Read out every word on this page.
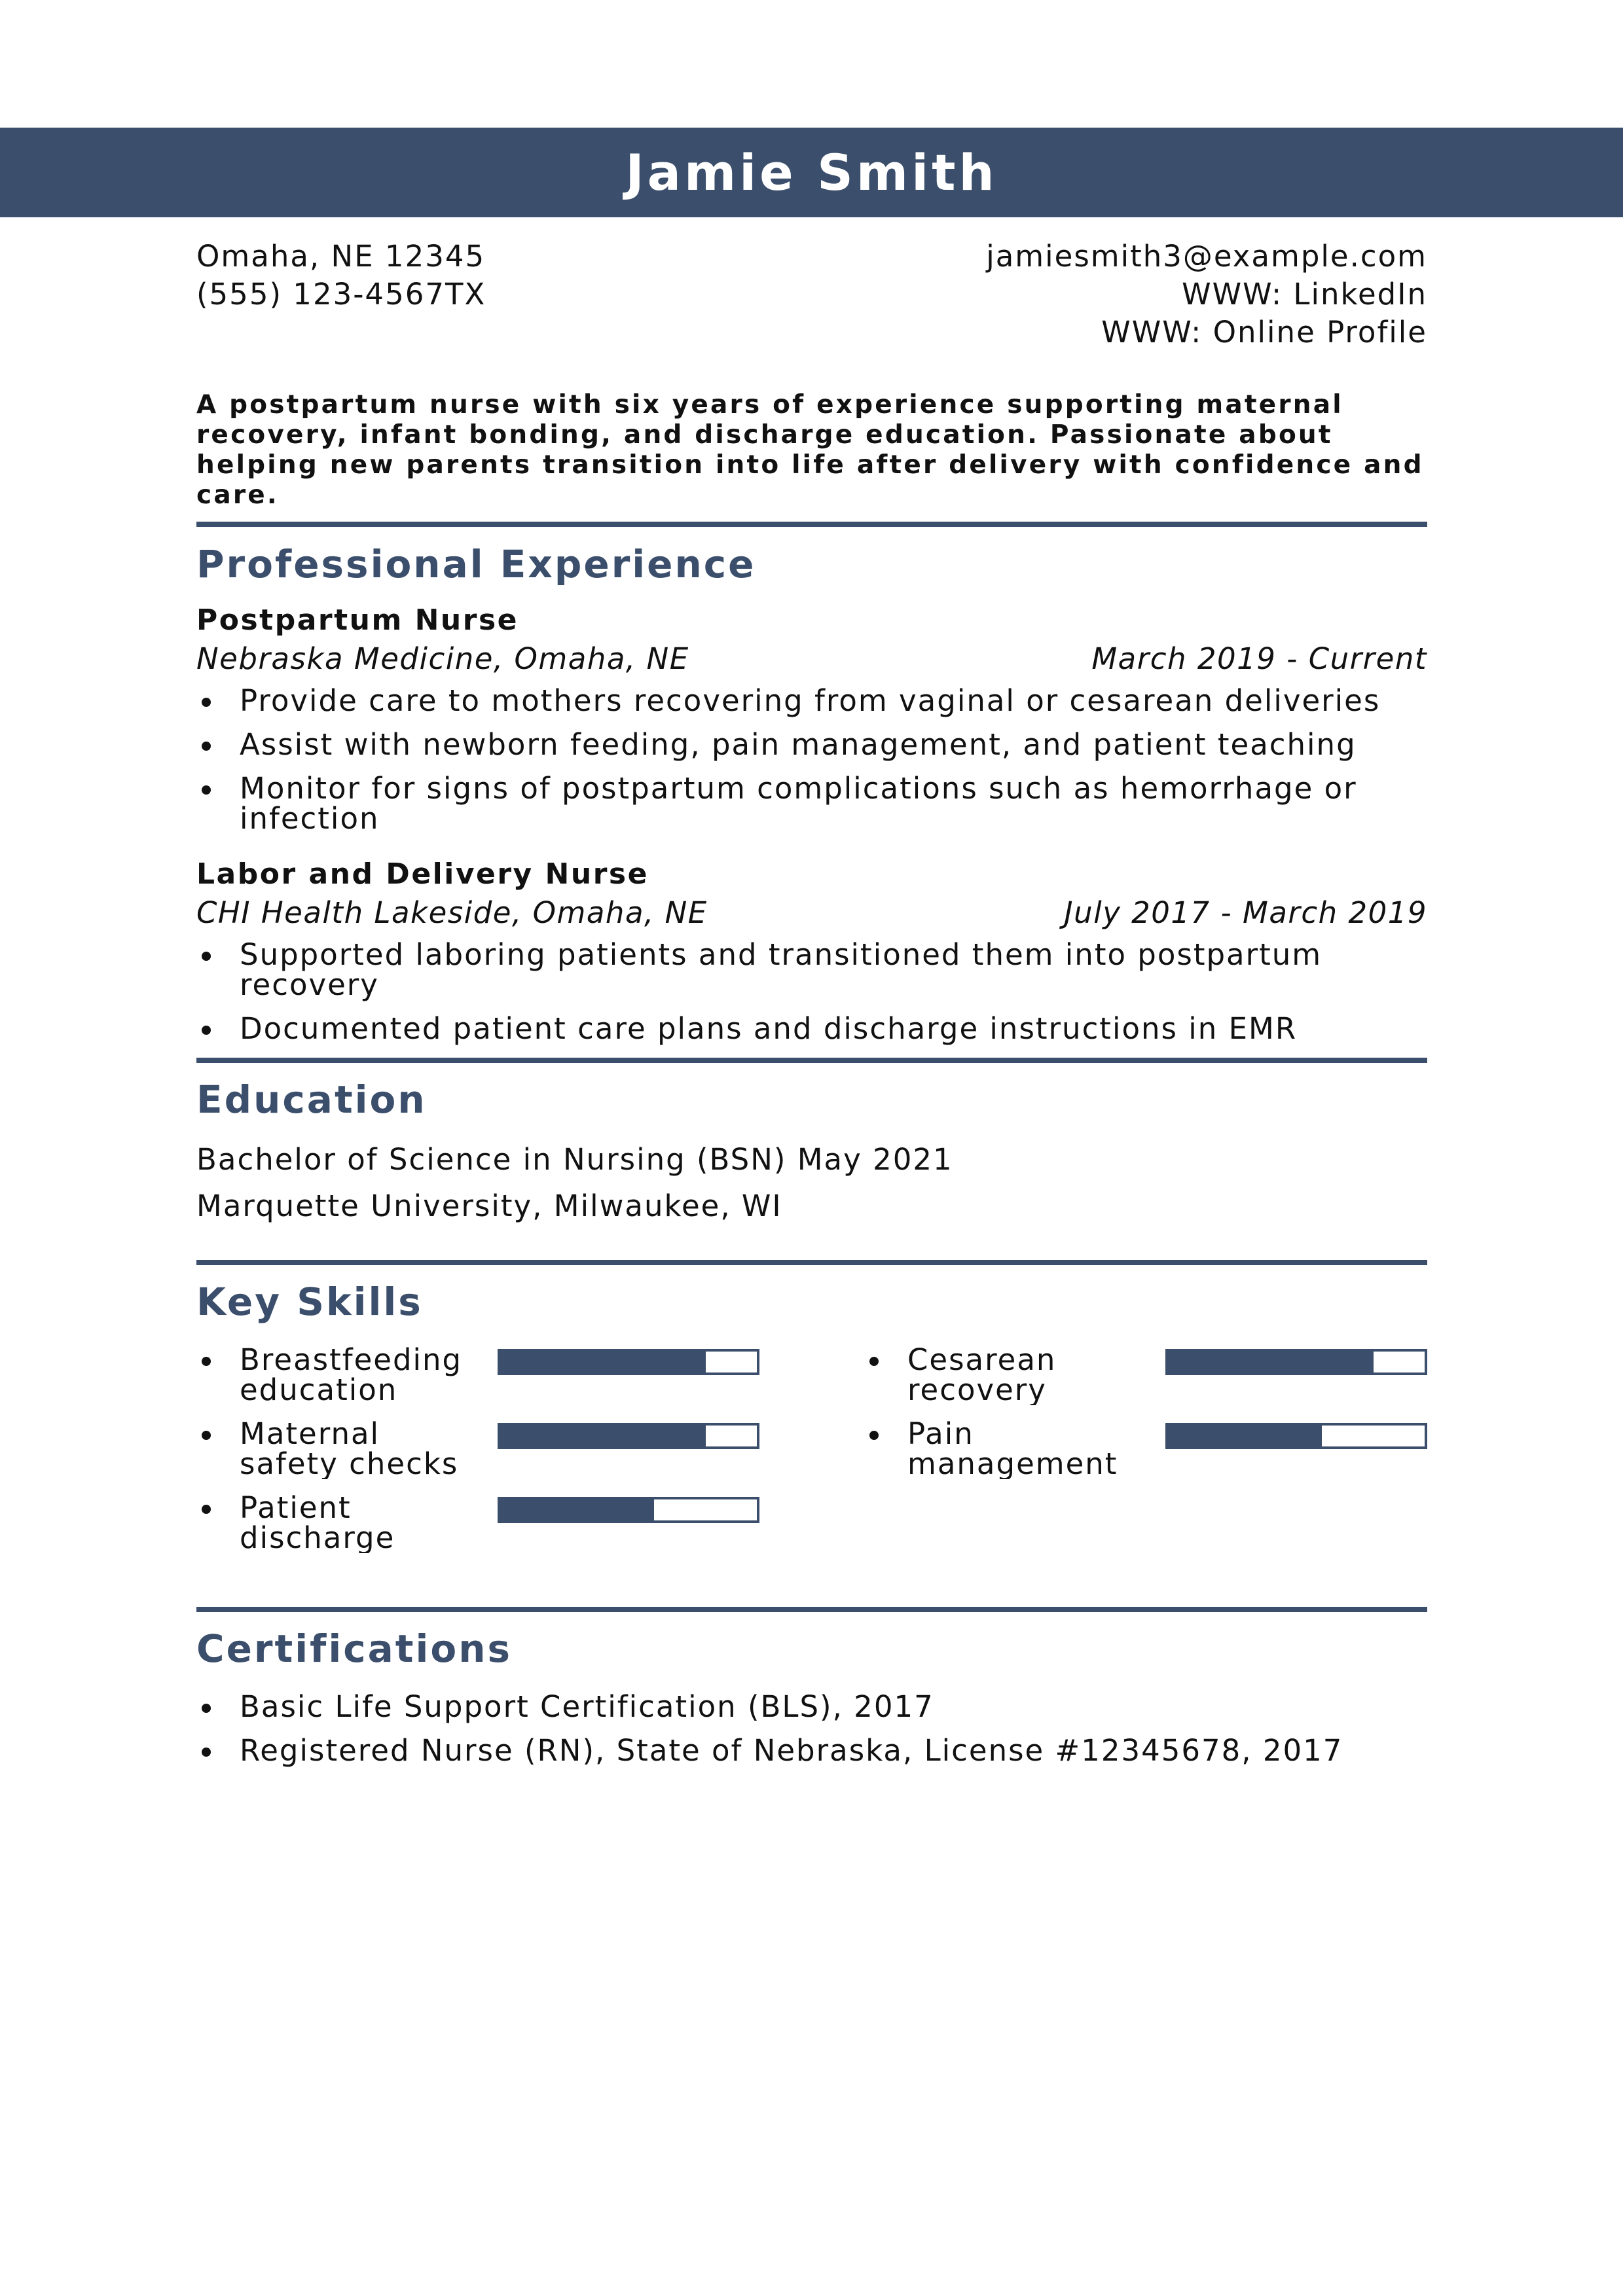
Jamie Smith
Omaha, NE 12345	jamiesmith3@example.com
(555) 123-4567TX	WWW: LinkedIn
WWW: Online Profile
A postpartum nurse with six years of experience supporting maternal recovery, infant bonding, and discharge education. Passionate about helping new parents transition into life after delivery with confidence and care.
Professional Experience
Postpartum Nurse
Nebraska Medicine, Omaha, NE	March 2019 - Current
Provide care to mothers recovering from vaginal or cesarean deliveries
Assist with newborn feeding, pain management, and patient teaching
Monitor for signs of postpartum complications such as hemorrhage or infection
Labor and Delivery Nurse
CHI Health Lakeside, Omaha, NE	July 2017 - March 2019
Supported laboring patients and transitioned them into postpartum recovery
Documented patient care plans and discharge instructions in EMR
Education
Bachelor of Science in Nursing (BSN) May 2021
Marquette University, Milwaukee, WI
Key Skills
Breastfeeding education
Cesarean recovery
Maternal safety checks
Pain management
Patient discharge
Certifications
Basic Life Support Certification (BLS), 2017
Registered Nurse (RN), State of Nebraska, License #12345678, 2017
